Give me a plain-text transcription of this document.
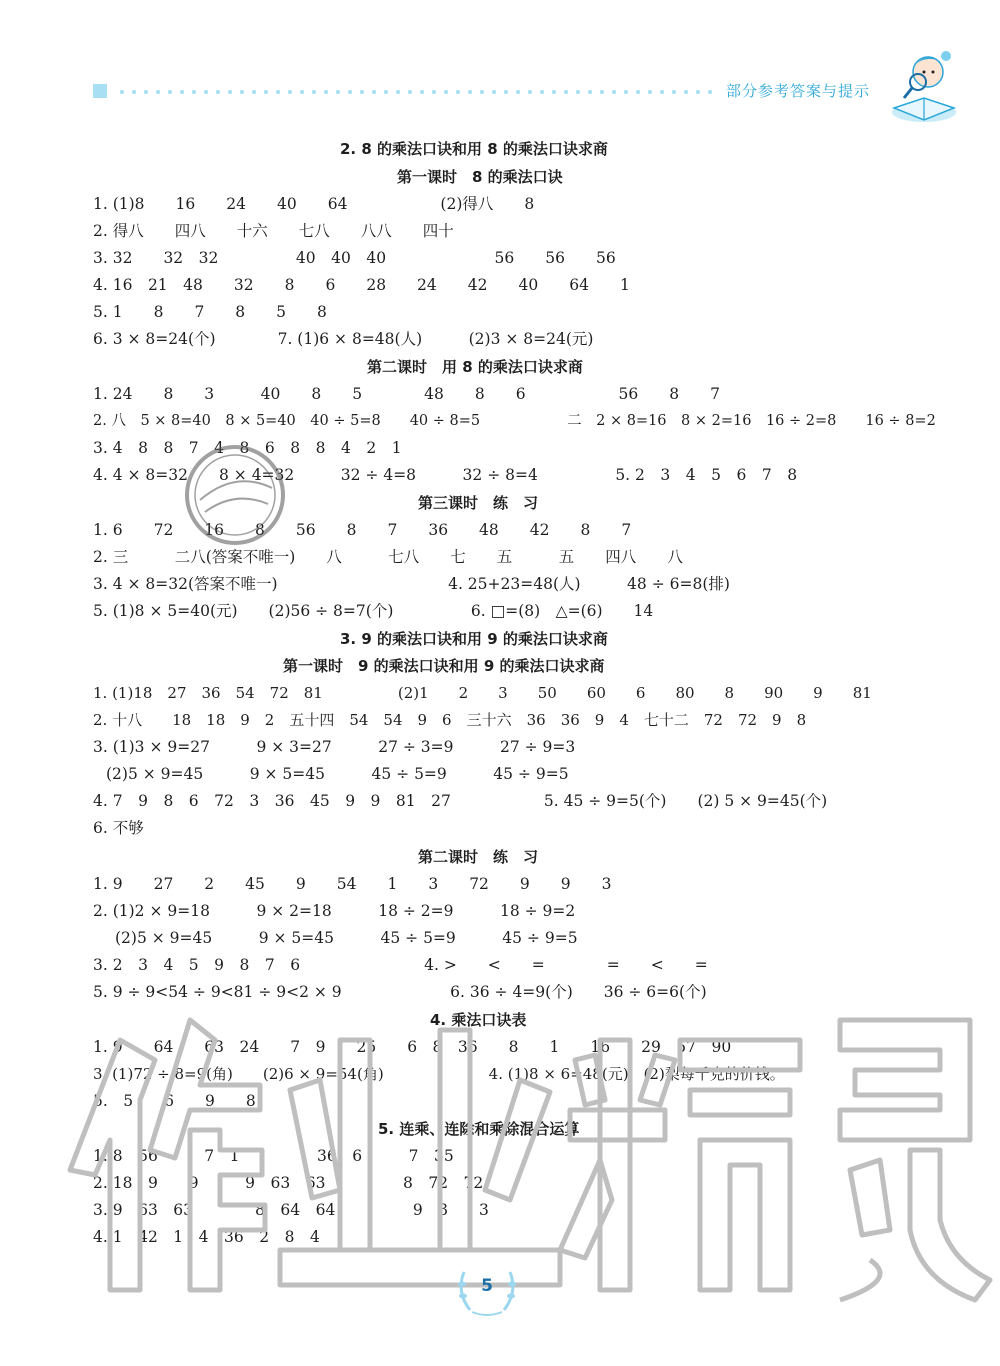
部分参考答案与提示
2. 8 的乘法口诀和用 8 的乘法口诀求商
第一课时　8 的乘法口诀
1. (1)8　　16　　24　　40　　64　　　　　　(2)得八　　8
2. 得八　　四八　　十六　　七八　　八八　　四十
3. 32　　32　32　　　　　40　40　40　　　　　　　56　　56　　56
4. 16　21　48　　32　　8　　6　　28　　24　　42　　40　　64　　1
5. 1　　8　　7　　8　　5　　8
6. 3 × 8=24(个)　　　　7. (1)6 × 8=48(人)　　　(2)3 × 8=24(元)
第二课时　用 8 的乘法口诀求商
1. 24　　8　　3　　　40　　8　　5　　　　48　　8　　6　　　　　　56　　8　　7
2. 八　5 × 8=40　8 × 5=40　40 ÷ 5=8　　40 ÷ 8=5　　　　　　二　2 × 8=16　8 × 2=16　16 ÷ 2=8　　16 ÷ 8=2
3. 4　8　8　7　4　8　6　8　8　4　2　1
4. 4 × 8=32　　8 × 4=32　　　32 ÷ 4=8　　　32 ÷ 8=4　　　　　5. 2　3　4　5　6　7　8
第三课时　练　习
1. 6　　72　　16　　8　　56　　8　　7　　36　　48　　42　　8　　7
2. 三　　　二八(答案不唯一)　　八　　　七八　　七　　五　　　五　　四八　　八
3. 4 × 8=32(答案不唯一)　　　　　　　　　　　4. 25+23=48(人)　　　48 ÷ 6=8(排)
5. (1)8 × 5=40(元)　　(2)56 ÷ 8=7(个)　　　　　6. □=(8)　△=(6)　　14
3. 9 的乘法口诀和用 9 的乘法口诀求商
第一课时　9 的乘法口诀和用 9 的乘法口诀求商
1. (1)18　27　36　54　72　81　　　　　(2)1　　2　　3　　50　　60　　6　　80　　8　　90　　9　　81
2. 十八　　18　18　9　2　五十四　54　54　9　6　三十六　36　36　9　4　七十二　72　72　9　8
3. (1)3 × 9=27　　　9 × 3=27　　　27 ÷ 3=9　　　27 ÷ 9=3
(2)5 × 9=45　　　9 × 5=45　　　45 ÷ 5=9　　　45 ÷ 9=5
4. 7　9　8　6　72　3　36　45　9　9　81　27　　　　　　5. 45 ÷ 9=5(个)　　(2) 5 × 9=45(个)
6. 不够
第二课时　练　习
1. 9　　27　　2　　45　　9　　54　　1　　3　　72　　9　　9　　3
2. (1)2 × 9=18　　　9 × 2=18　　　18 ÷ 2=9　　　18 ÷ 9=2
(2)5 × 9=45　　　9 × 5=45　　　45 ÷ 5=9　　　45 ÷ 9=5
3. 2　3　4　5　9　8　7　6　　　　　　　　4. >　　<　　=　　　　=　　<　　=
5. 9 ÷ 9<54 ÷ 9<81 ÷ 9<2 × 9　　　　　　　6. 36 ÷ 4=9(个)　　36 ÷ 6=6(个)
4. 乘法口诀表
1. 9　　64　　63　24　　7　9　　25　　6　8　36　　8　　1　　16　　29　57　90
3. (1)72 ÷ 8=9(角)　　(2)6 × 9=54(角)　　　　　　　4. (1)8 × 6=48(元)　(2)梨每千克的价钱。
5.　5　　6　　9　　8
5. 连乘、连除和乘除混合运算
1. 8　56　　　7　1　　　　　36　6　　　7　35
2. 18　9　　9　　　9　63　63　　　　　8　72　72
3. 9　63　63　　　　8　64　64　　　　　9　3　　3
4. 1　42　1　4　36　2　8　4
5
